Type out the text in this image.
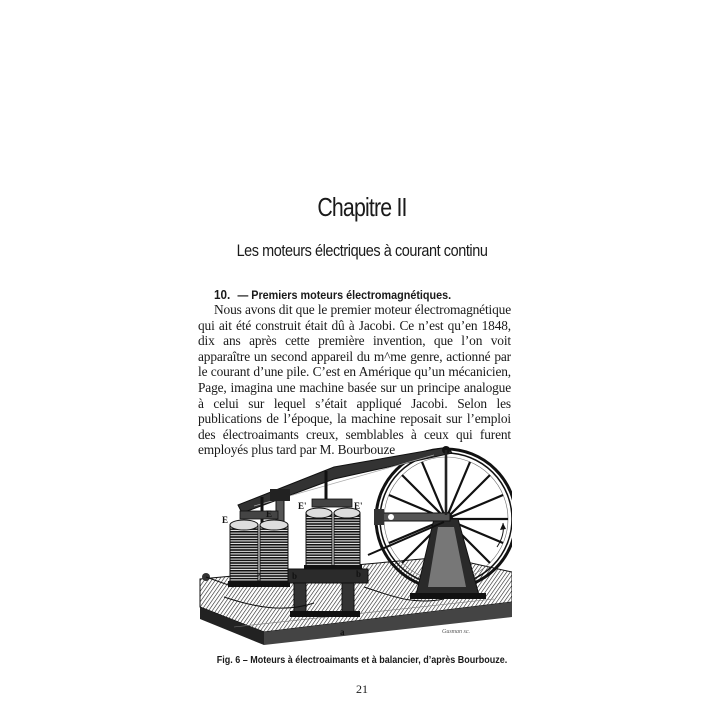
Chapitre II
Les moteurs électriques à courant continu
10. — Premiers moteurs électromagnétiques.

Nous avons dit que le premier moteur électromagnétique qui ait été construit était dû à Jacobi. Ce n’est qu’en 1848, dix ans après cette première invention, que l’on voit apparaître un second appareil du m^me genre, actionné par le courant d’une pile. C’est en Amérique qu’un mécanicien, Page, imagina une machine basée sur un principe analogue à celui sur lequel s’était appliqué Jacobi. Selon les publications de l’époque, la machine reposait sur l’emploi des électroaimants creux, semblables à ceux qui furent employés plus tard par M. Bourbouze

E
E
E'	E'
b	b
a	Gusman sc.
Fig. 6 – Moteurs à électroaimants et à balancier, d’après Bourbouze.
21
